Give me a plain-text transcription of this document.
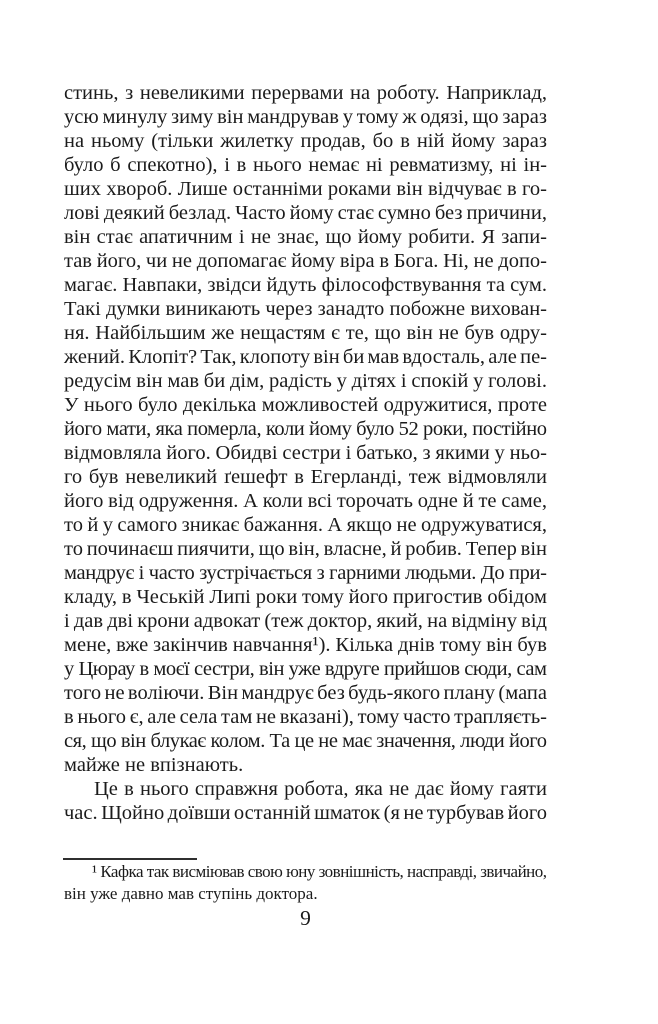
стинь, з невеликими перервами на роботу. Наприклад,
усю минулу зиму він мандрував у тому ж одязі, що зараз
на ньому (тільки жилетку продав, бо в ній йому зараз
було б спекотно), і в нього немає ні ревматизму, ні ін-
ших хвороб. Лише останніми роками він відчуває в го-
лові деякий безлад. Часто йому стає сумно без причини,
він стає апатичним і не знає, що йому робити. Я запи-
тав його, чи не допомагає йому віра в Бога. Ні, не допо-
магає. Навпаки, звідси йдуть філософствування та сум.
Такі думки виникають через занадто побожне вихован-
ня. Найбільшим же нещастям є те, що він не був одру-
жений. Клопіт? Так, клопоту він би мав вдосталь, але пе-
редусім він мав би дім, радість у дітях і спокій у голові.
У нього було декілька можливостей одружитися, проте
його мати, яка померла, коли йому було 52 роки, постійно
відмовляла його. Обидві сестри і батько, з якими у ньо-
го був невеликий ґешефт в Егерланді, теж відмовляли
його від одруження. А коли всі торочать одне й те саме,
то й у самого зникає бажання. А якщо не одружуватися,
то починаєш пиячити, що він, власне, й робив. Тепер він
мандрує і часто зустрічається з гарними людьми. До при-
кладу, в Чеській Липі роки тому його пригостив обідом
і дав дві крони адвокат (теж доктор, який, на відміну від
мене, вже закінчив навчання¹). Кілька днів тому він був
у Цюрау в моєї сестри, він уже вдруге прийшов сюди, сам
того не воліючи. Він мандрує без будь-якого плану (мапа
в нього є, але села там не вказані), тому часто трапляєть-
ся, що він блукає колом. Та це не має значення, люди його
майже не впізнають.
Це в нього справжня робота, яка не дає йому гаяти
час. Щойно доївши останній шматок (я не турбував його
¹ Кафка так висміював свою юну зовнішність, насправді, звичайно,
він уже давно мав ступінь доктора.
9
